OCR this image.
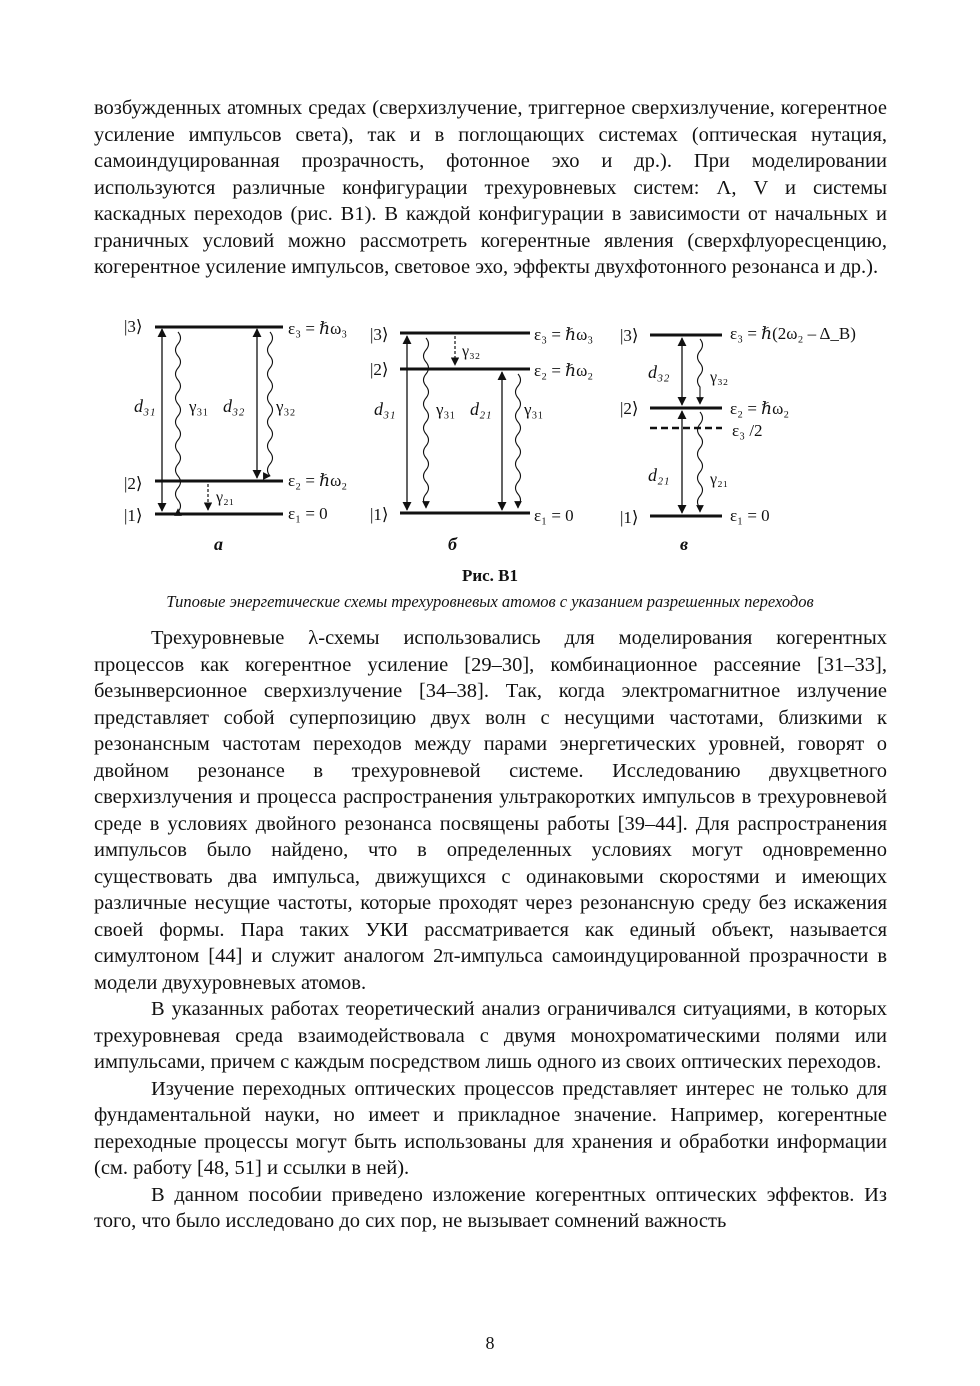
возбужденных атомных средах (сверхизлучение, триггерное сверхизлучение, когерентное усиление импульсов света), так и в поглощающих системах (оптическая нутация, самоиндуцированная прозрачность, фотонное эхо и др.). При моделировании используются различные конфигурации трехуровневых систем: Λ, V и системы каскадных переходов (рис. В1). В каждой конфигурации в зависимости от начальных и граничных условий можно рассмотреть когерентные явления (сверхфлуоресценцию, когерентное усиление импульсов, световое эхо, эффекты двухфотонного резонанса и др.).

|3⟩	ε₃ = ℏω₃
|2⟩	ε₂ = ℏω₂
|1⟩	ε₁ = 0
d₃₁ γ₃₁ d₃₂ γ₃₂
γ₂₁
а
|3⟩	ε₃ = ℏω₃
|2⟩	ε₂ = ℏω₂
|1⟩	ε₁ = 0
γ₃₂
d₃₁ γ₃₁ d₂₁ γ₃₁
б
|3⟩	ε₃ = ℏ(2ω₂ – Δ_B)
|2⟩	ε₂ = ℏω₂
ε₃ /2
|1⟩	ε₁ = 0
d₃₂	γ₃₂
d₂₁	γ₂₁
в
Рис. В1
Типовые энергетические схемы трехуровневых атомов с указанием разрешенных переходов

Трехуровневые λ-схемы использовались для моделирования когерентных процессов как когерентное усиление [29–30], комбинационное рассеяние [31–33], безынверсионное сверхизлучение [34–38]. Так, когда электромагнитное излучение представляет собой суперпозицию двух волн с несущими частотами, близкими к резонансным частотам переходов между парами энергетических уровней, говорят о двойном резонансе в трехуровневой системе. Исследованию двухцветного сверхизлучения и процесса распространения ультракоротких импульсов в трехуровневой среде в условиях двойного резонанса посвящены работы [39–44]. Для распространения импульсов было найдено, что в определенных условиях могут одновременно существовать два импульса, движущихся с одинаковыми скоростями и имеющих различные несущие частоты, которые проходят через резонансную среду без искажения своей формы. Пара таких УКИ рассматривается как единый объект, называется симултоном [44] и служит аналогом 2π-импульса самоиндуцированной прозрачности в модели двухуровневых атомов.

В указанных работах теоретический анализ ограничивался ситуациями, в которых трехуровневая среда взаимодействовала с двумя монохроматическими полями или импульсами, причем с каждым посредством лишь одного из своих оптических переходов.

Изучение переходных оптических процессов представляет интерес не только для фундаментальной науки, но имеет и прикладное значение. Например, когерентные переходные процессы могут быть использованы для хранения и обработки информации (см. работу [48, 51] и ссылки в ней).

В данном пособии приведено изложение когерентных оптических эффектов. Из того, что было исследовано до сих пор, не вызывает сомнений важность

8
